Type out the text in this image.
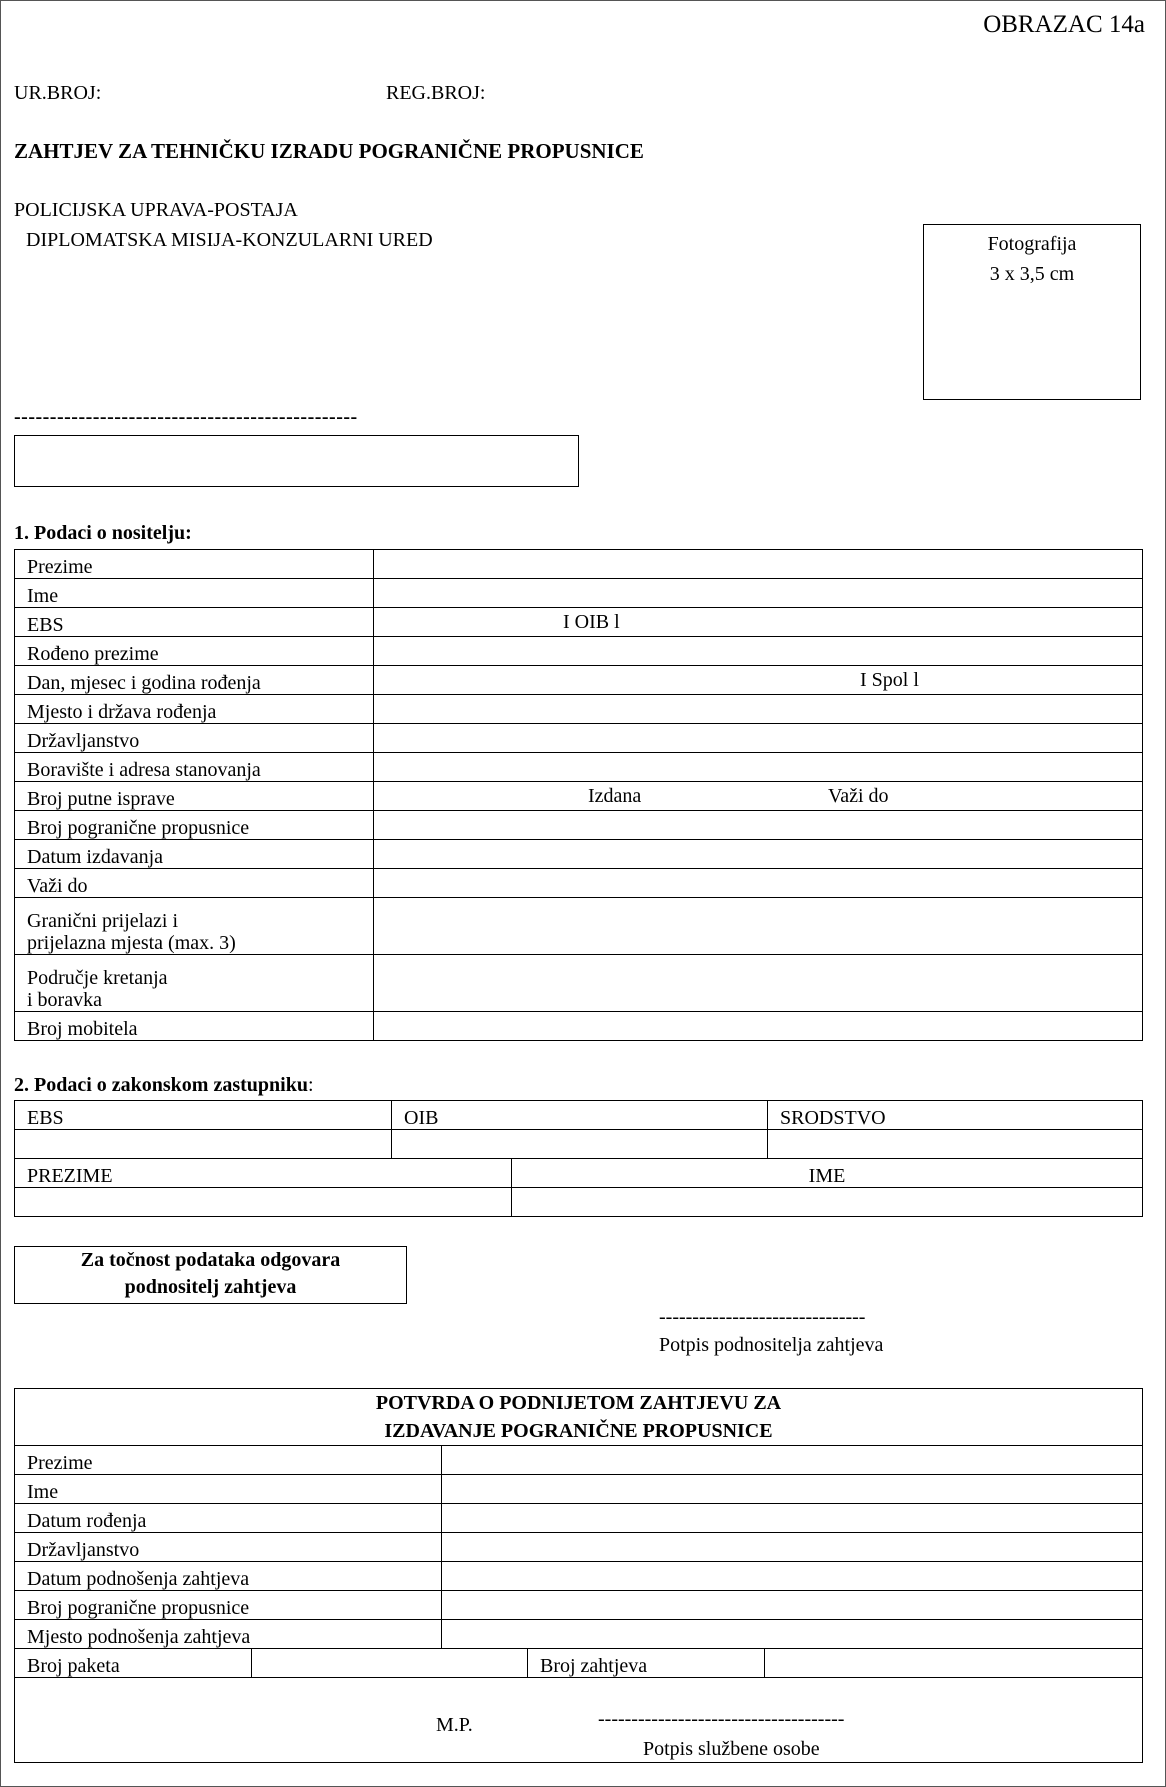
OBRAZAC 14a
UR.BROJ:	REG.BROJ:
ZAHTJEV ZA TEHNIČKU IZRADU POGRANIČNE PROPUSNICE
POLICIJSKA UPRAVA-POSTAJA
DIPLOMATSKA MISIJA-KONZULARNI URED	Fotografija
3 x 3,5 cm
------------------------------------------------
1. Podaci o nositelju:
Prezime	
Ime	
EBS	I OIB l

Rođeno prezime	
Dan, mjesec i godina rođenja	I Spol l

Mjesto i država rođenja	
Državljanstvo	
Boravište i adresa stanovanja	
Broj putne isprave	Izdana Važi do

Broj pogranične propusnice	
Datum izdavanja	
Važi do	

Granični prijelazi i
prijelazna mjesta (max. 3)	

Područje kretanja
i boravka	

Broj mobitela	
2. Podaci o zakonskom zastupniku:
EBS	OIB	SRODSTVO

PREZIME	IME

Za točnost podataka odgovara
podnositelj zahtjeva
-------------------------------
Potpis podnositelja zahtjeva
POTVRDA O PODNIJETOM ZAHTJEVU ZA
IZDAVANJE POGRANIČNE PROPUSNICE				

Prezime				
Ime				
Datum rođenja				
Državljanstvo				
Datum podnošenja zahtjeva				
Broj pogranične propusnice				
Mjesto podnošenja zahtjeva				
Broj paketa			Broj zahtjeva	

M.P. -------------------------------------
Potpis službene osobe				
